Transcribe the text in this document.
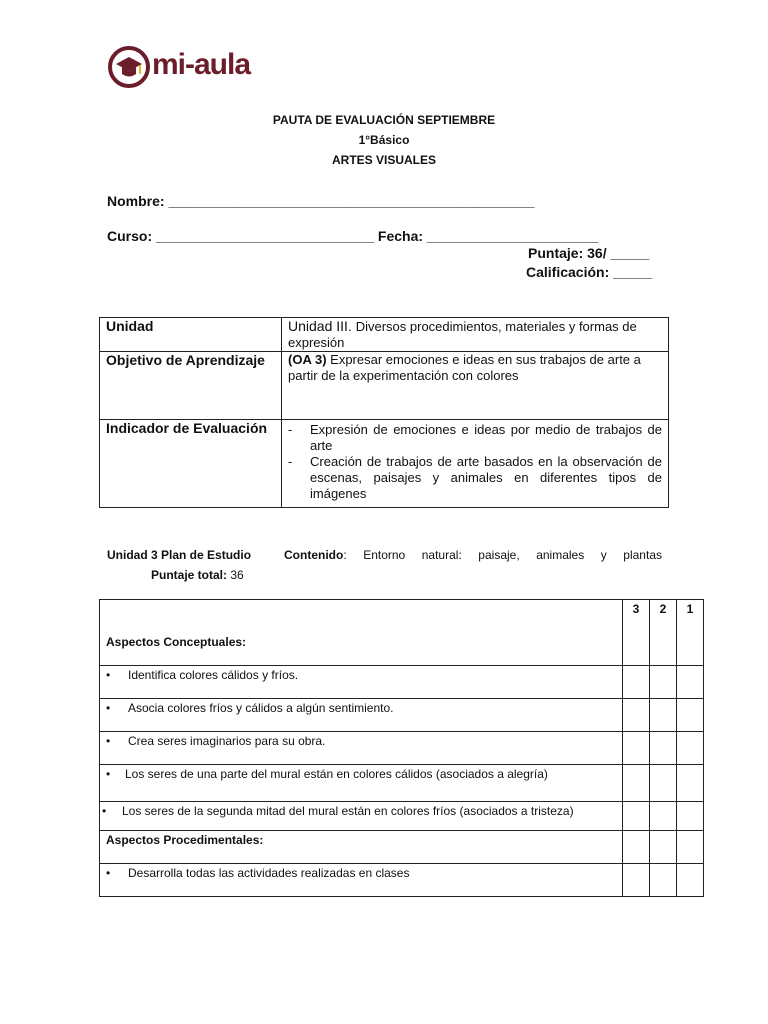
mi-aula
PAUTA DE EVALUACIÓN SEPTIEMBRE
1°Básico
ARTES VISUALES
Nombre: _______________________________________________
Curso: ____________________________ Fecha: ______________________
Puntaje: 36/ _____
Calificación: _____
Unidad	Unidad III. Diversos procedimientos, materiales y formas de expresión
Objetivo de Aprendizaje	(OA 3) Expresar emociones e ideas en sus trabajos de arte a partir de la experimentación con colores
Indicador de Evaluación	- Expresión de emociones e ideas por medio de trabajos de arte
- Creación de trabajos de arte basados en la observación de escenas, paisajes y animales en diferentes tipos de imágenes
Unidad 3 Plan de Estudio	Contenido: Entorno natural: paisaje, animales y plantas
Puntaje total: 36
Aspectos Conceptuales:	3	2	1
• Identifica colores cálidos y fríos.			
• Asocia colores fríos y cálidos a algún sentimiento.			
• Crea seres imaginarios para su obra.			
• Los seres de una parte del mural están en colores cálidos (asociados a alegría)			
• Los seres de la segunda mitad del mural están en colores fríos (asociados a tristeza)			
Aspectos Procedimentales:			
• Desarrolla todas las actividades realizadas en clases			
